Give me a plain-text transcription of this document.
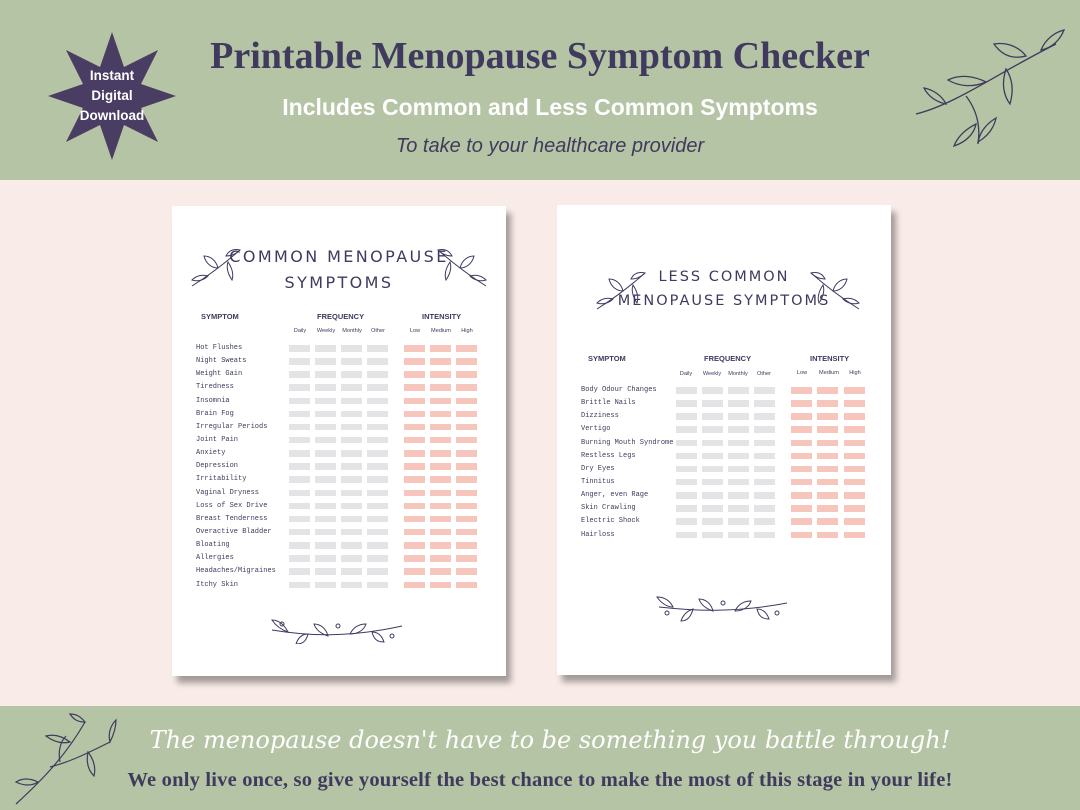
Instant
Digital
Download
Printable Menopause Symptom Checker
Includes Common and Less Common Symptoms
To take to your healthcare provider
COMMON MENOPAUSE
SYMPTOMS
SYMPTOM	FREQUENCY	INTENSITY
Daily	Weekly	Monthly	Other	Low	Medium	High
Hot Flushes
Night Sweats
Weight Gain
Tiredness
Insomnia
Brain Fog
Irregular Periods
Joint Pain
Anxiety
Depression
Irritability
Vaginal Dryness
Loss of Sex Drive
Breast Tenderness
Overactive Bladder
Bloating
Allergies
Headaches/Migraines
Itchy Skin
LESS COMMON
MENOPAUSE SYMPTOMS
SYMPTOM	FREQUENCY	INTENSITY
Daily	Weekly	Monthly	Other	Low	Medium	High
Body Odour Changes
Brittle Nails
Dizziness
Vertigo
Burning Mouth Syndrome
Restless Legs
Dry Eyes
Tinnitus
Anger, even Rage
Skin Crawling
Electric Shock
Hairloss
The menopause doesn't have to be something you battle through!
We only live once, so give yourself the best chance to make the most of this stage in your life!
